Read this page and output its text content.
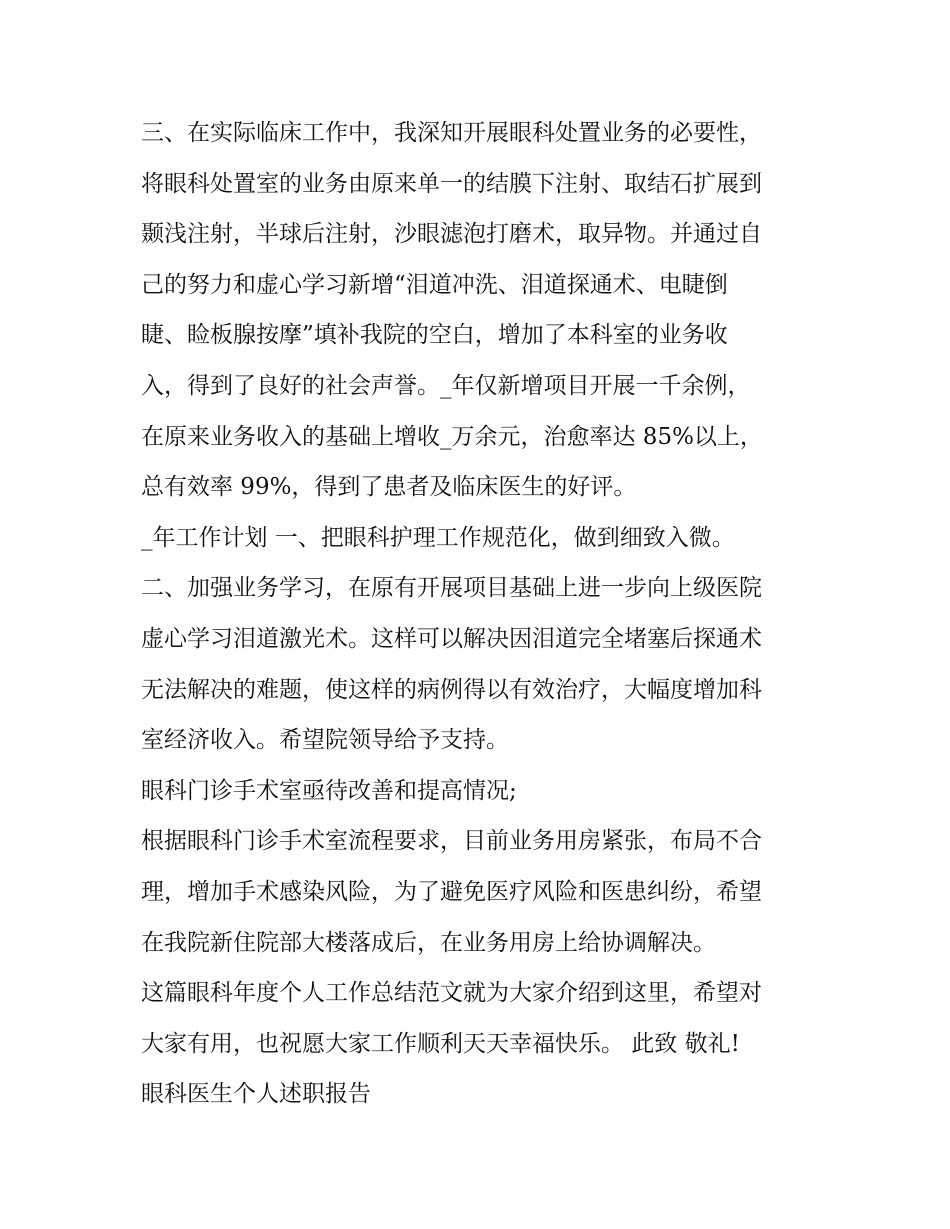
三、在实际临床工作中，我深知开展眼科处置业务的必要性，
将眼科处置室的业务由原来单一的结膜下注射、取结石扩展到
颞浅注射，半球后注射，沙眼滤泡打磨术，取异物。并通过自
己的努力和虚心学习新增“泪道冲洗、泪道探通术、电睫倒
睫、睑板腺按摩”填补我院的空白，增加了本科室的业务收
入，得到了良好的社会声誉。_年仅新增项目开展一千余例，
在原来业务收入的基础上增收_万余元，治愈率达 85%以上，
总有效率 99%，得到了患者及临床医生的好评。
_年工作计划 一、把眼科护理工作规范化，做到细致入微。
二、加强业务学习，在原有开展项目基础上进一步向上级医院
虚心学习泪道激光术。这样可以解决因泪道完全堵塞后探通术
无法解决的难题，使这样的病例得以有效治疗，大幅度增加科
室经济收入。希望院领导给予支持。
眼科门诊手术室亟待改善和提高情况;
根据眼科门诊手术室流程要求，目前业务用房紧张，布局不合
理，增加手术感染风险，为了避免医疗风险和医患纠纷，希望
在我院新住院部大楼落成后，在业务用房上给协调解决。
这篇眼科年度个人工作总结范文就为大家介绍到这里，希望对
大家有用，也祝愿大家工作顺利天天幸福快乐。 此致 敬礼!
眼科医生个人述职报告
